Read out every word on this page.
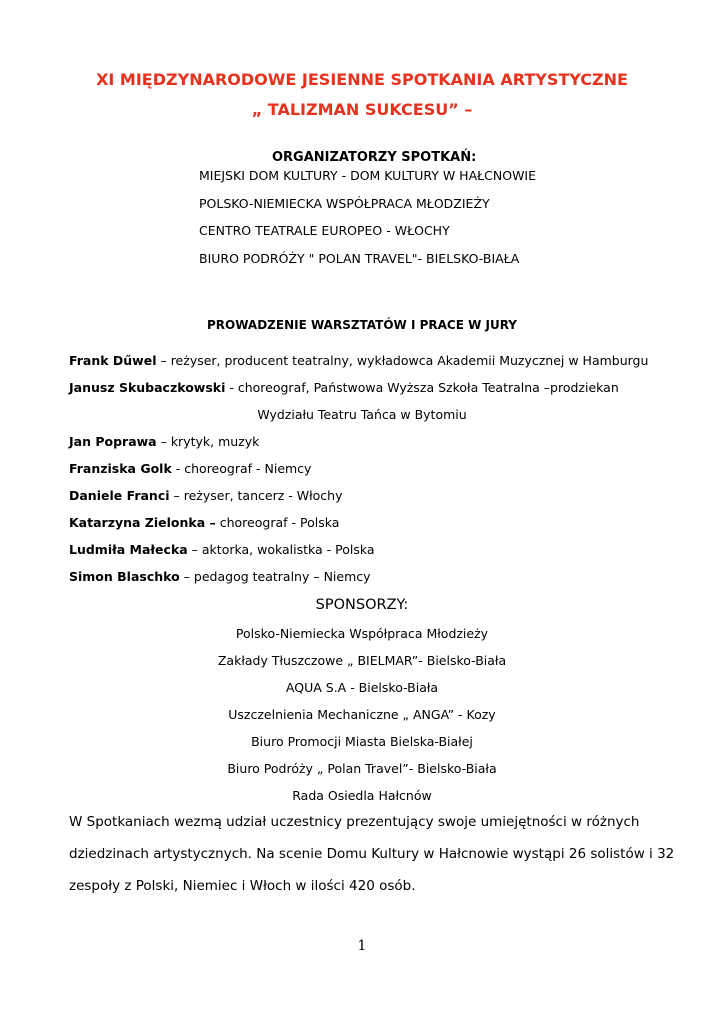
XI MIĘDZYNARODOWE JESIENNE SPOTKANIA ARTYSTYCZNE
„ TALIZMAN SUKCESU” –
ORGANIZATORZY SPOTKAŃ:
MIEJSKI DOM KULTURY - DOM KULTURY W HAŁCNOWIE
POLSKO-NIEMIECKA WSPÓŁPRACA MŁODZIEŻY
CENTRO TEATRALE EUROPEO - WŁOCHY
BIURO PODRÓŻY " POLAN TRAVEL"- BIELSKO-BIAŁA
PROWADZENIE WARSZTATÓW I PRACE W JURY
Frank Dűwel – reżyser, producent teatralny, wykładowca Akademii Muzycznej w Hamburgu
Janusz Skubaczkowski - choreograf, Państwowa Wyższa Szkoła Teatralna –prodziekan
Wydziału Teatru Tańca w Bytomiu
Jan Poprawa – krytyk, muzyk
Franziska Golk - choreograf - Niemcy
Daniele Franci – reżyser, tancerz - Włochy
Katarzyna Zielonka – choreograf - Polska
Ludmiła Małecka – aktorka, wokalistka - Polska
Simon Blaschko – pedagog teatralny – Niemcy
SPONSORZY:
Polsko-Niemiecka Współpraca Młodzieży
Zakłady Tłuszczowe „ BIELMAR”- Bielsko-Biała
AQUA S.A - Bielsko-Biała
Uszczelnienia Mechaniczne „ ANGA” - Kozy
Biuro Promocji Miasta Bielska-Białej
Biuro Podróży „ Polan Travel”- Bielsko-Biała
Rada Osiedla Hałcnów
W Spotkaniach wezmą udział uczestnicy prezentujący swoje umiejętności w różnych
dziedzinach artystycznych. Na scenie Domu Kultury w Hałcnowie wystąpi 26 solistów i 32
zespoły z Polski, Niemiec i Włoch w ilości 420 osób.
1
